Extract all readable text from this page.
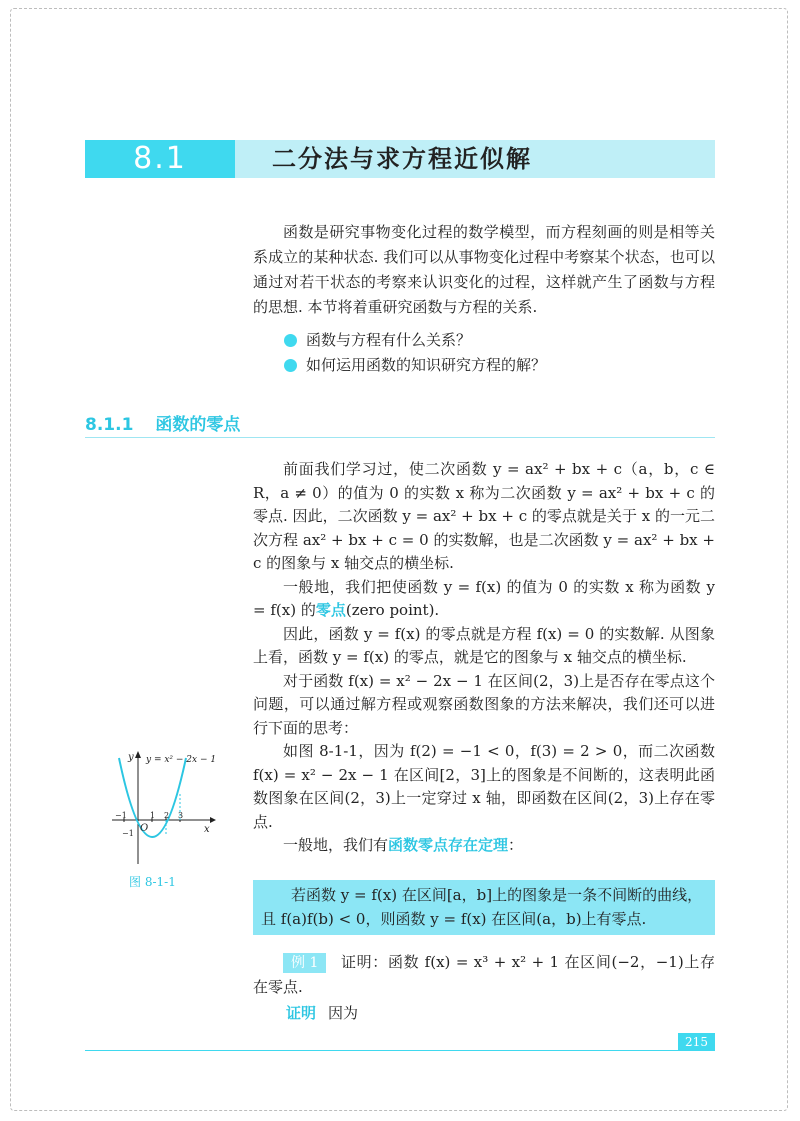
8.1	二分法与求方程近似解

函数是研究事物变化过程的数学模型，而方程刻画的则是相等关系成立的某种状态. 我们可以从事物变化过程中考察某个状态，也可以通过对若干状态的考察来认识变化的过程，这样就产生了函数与方程的思想. 本节将着重研究函数与方程的关系.

函数与方程有什么关系？
如何运用函数的知识研究方程的解？
8.1.1 函数的零点

前面我们学习过，使二次函数 y = ax² + bx + c（a，b，c ∈ R，a ≠ 0）的值为 0 的实数 x 称为二次函数 y = ax² + bx + c 的零点. 因此，二次函数 y = ax² + bx + c 的零点就是关于 x 的一元二次方程 ax² + bx + c = 0 的实数解，也是二次函数 y = ax² + bx + c 的图象与 x 轴交点的横坐标.

一般地，我们把使函数 y = f(x) 的值为 0 的实数 x 称为函数 y = f(x) 的零点(zero point).

因此，函数 y = f(x) 的零点就是方程 f(x) = 0 的实数解. 从图象上看，函数 y = f(x) 的零点，就是它的图象与 x 轴交点的横坐标.

对于函数 f(x) = x² − 2x − 1 在区间(2，3)上是否存在零点这个问题，可以通过解方程或观察函数图象的方法来解决，我们还可以进行下面的思考：

如图 8-1-1，因为 f(2) = −1 < 0，f(3) = 2 > 0，而二次函数 f(x) = x² − 2x − 1 在区间[2，3]上的图象是不间断的，这表明此函数图象在区间(2，3)上一定穿过 x 轴，即函数在区间(2，3)上存在零点.

一般地，我们有函数零点存在定理：

y
x
O
−1	1 2 3
−1
y = x² − 2x − 1
图 8-1-1

若函数 y = f(x) 在区间[a，b]上的图象是一条不间断的曲线，且 f(a)f(b) < 0，则函数 y = f(x) 在区间(a，b)上有零点.

例 1 证明：函数 f(x) = x³ + x² + 1 在区间(−2，−1)上存在零点.

证明 因为
215
